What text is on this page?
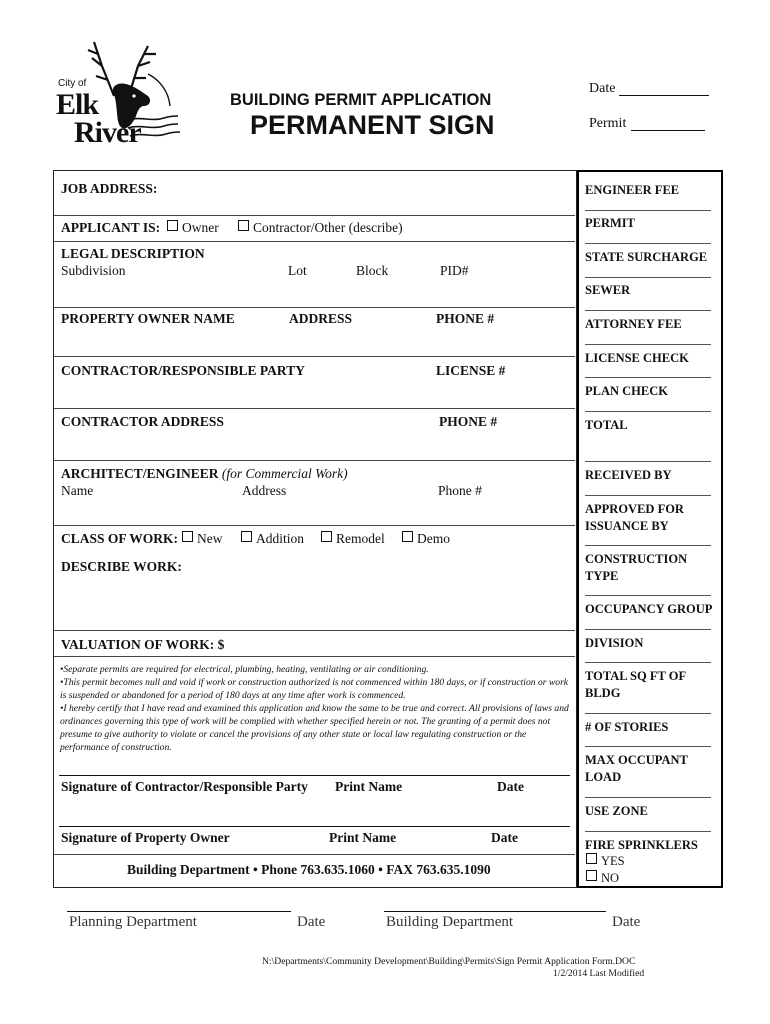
City of
Elk
River
BUILDING PERMIT APPLICATION
PERMANENT SIGN
Date
Permit
JOB ADDRESS:
APPLICANT IS:	Owner	Contractor/Other (describe)
LEGAL DESCRIPTION
Subdivision	Lot	Block	PID#
PROPERTY OWNER NAME	ADDRESS	PHONE #
CONTRACTOR/RESPONSIBLE PARTY	LICENSE #
CONTRACTOR ADDRESS	PHONE #
ARCHITECT/ENGINEER (for Commercial Work)
Name	Address	Phone #
CLASS OF WORK:	New	Addition	Remodel	Demo
DESCRIBE WORK:
VALUATION OF WORK: $
•Separate permits are required for electrical, plumbing, heating, ventilating or air conditioning.
•This permit becomes null and void if work or construction authorized is not commenced within 180 days, or if construction or work is suspended or abandoned for a period of 180 days at any time after work is commenced.
•I hereby certify that I have read and examined this application and know the same to be true and correct. All provisions of laws and ordinances governing this type of work will be complied with whether specified herein or not. The granting of a permit does not presume to give authority to violate or cancel the provisions of any other state or local law regulating construction or the performance of construction.
Signature of Contractor/Responsible Party Print Name	Date
Signature of Property Owner	Print Name	Date
Building Department • Phone 763.635.1060 • FAX 763.635.1090
ENGINEER FEE
PERMIT
STATE SURCHARGE
SEWER
ATTORNEY FEE
LICENSE CHECK
PLAN CHECK
TOTAL
RECEIVED BY
APPROVED FOR
ISSUANCE BY
CONSTRUCTION
TYPE
OCCUPANCY GROUP
DIVISION
TOTAL SQ FT OF
BLDG
# OF STORIES
MAX OCCUPANT
LOAD
USE ZONE
FIRE SPRINKLERS
YES
NO
Planning Department	Date	Building Department	Date
N:\Departments\Community Development\Building\Permits\Sign Permit Application Form.DOC
1/2/2014 Last Modified
